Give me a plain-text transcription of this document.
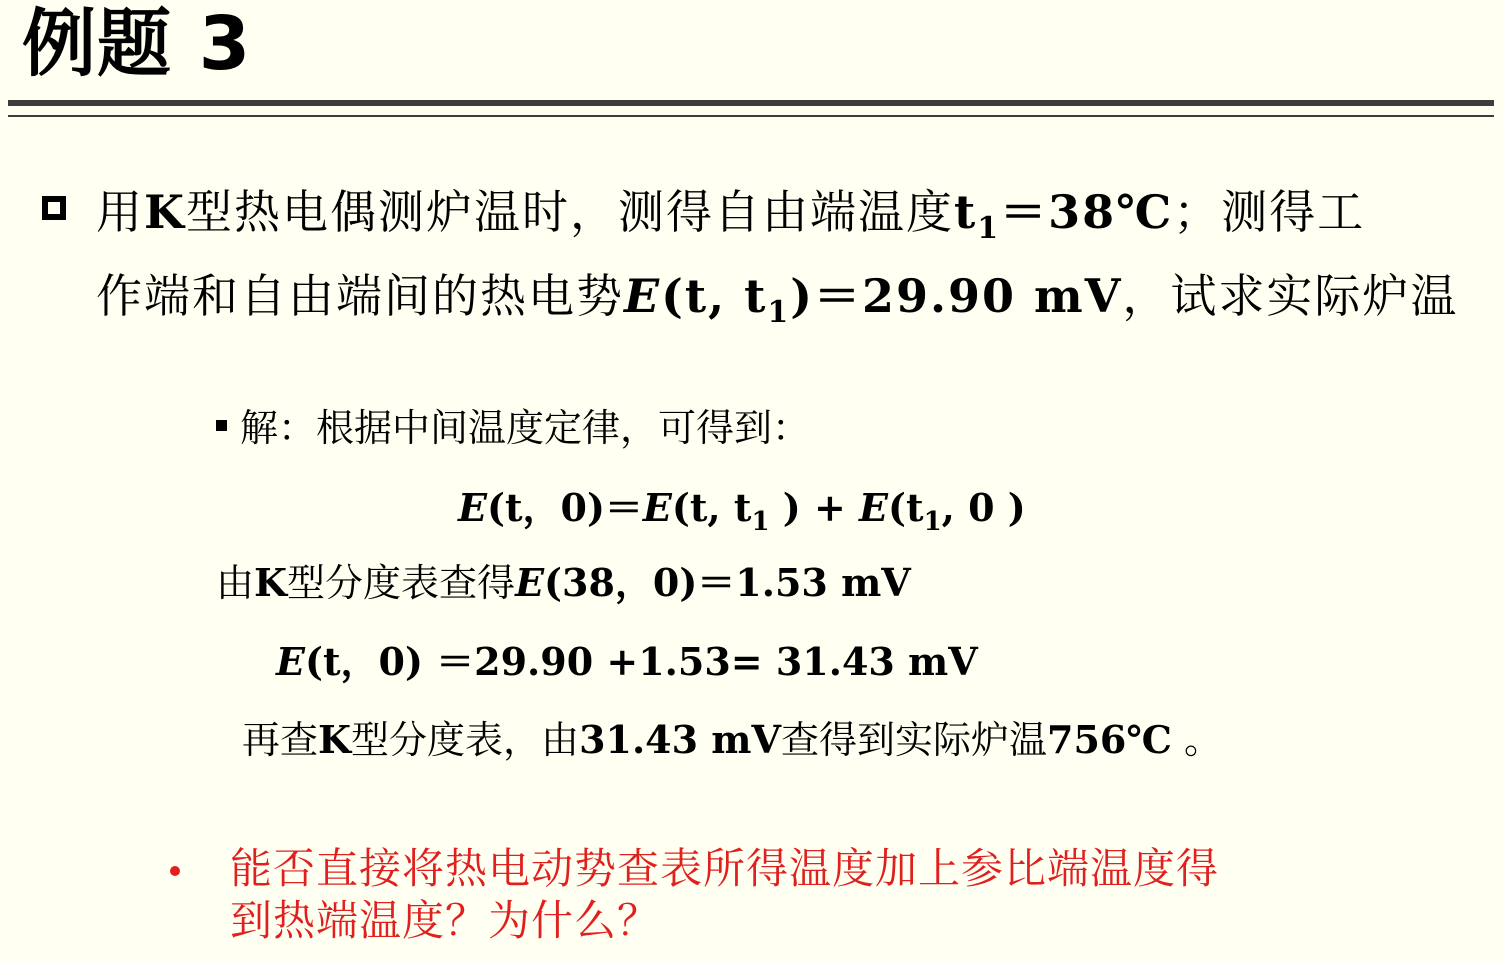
例题 3
用K型热电偶测炉温时，测得自由端温度$t_1=38℃$；测得工
作端和自由端间的热电势E(t, $t_1)=29.90$ mV，试求实际炉温
解：根据中间温度定律，可得到：
E(t，0)＝E(t, $t_1$ ) + $E(t_1$, 0 )
由K型分度表查得E(38，0)＝1.53 mV
E(t，0) ＝29.90 +1.53= 31.43 mV
再查K型分度表，由31.43 mV查得到实际炉温756℃ 。
能否直接将热电动势查表所得温度加上参比端温度得
到热端温度？为什么？
